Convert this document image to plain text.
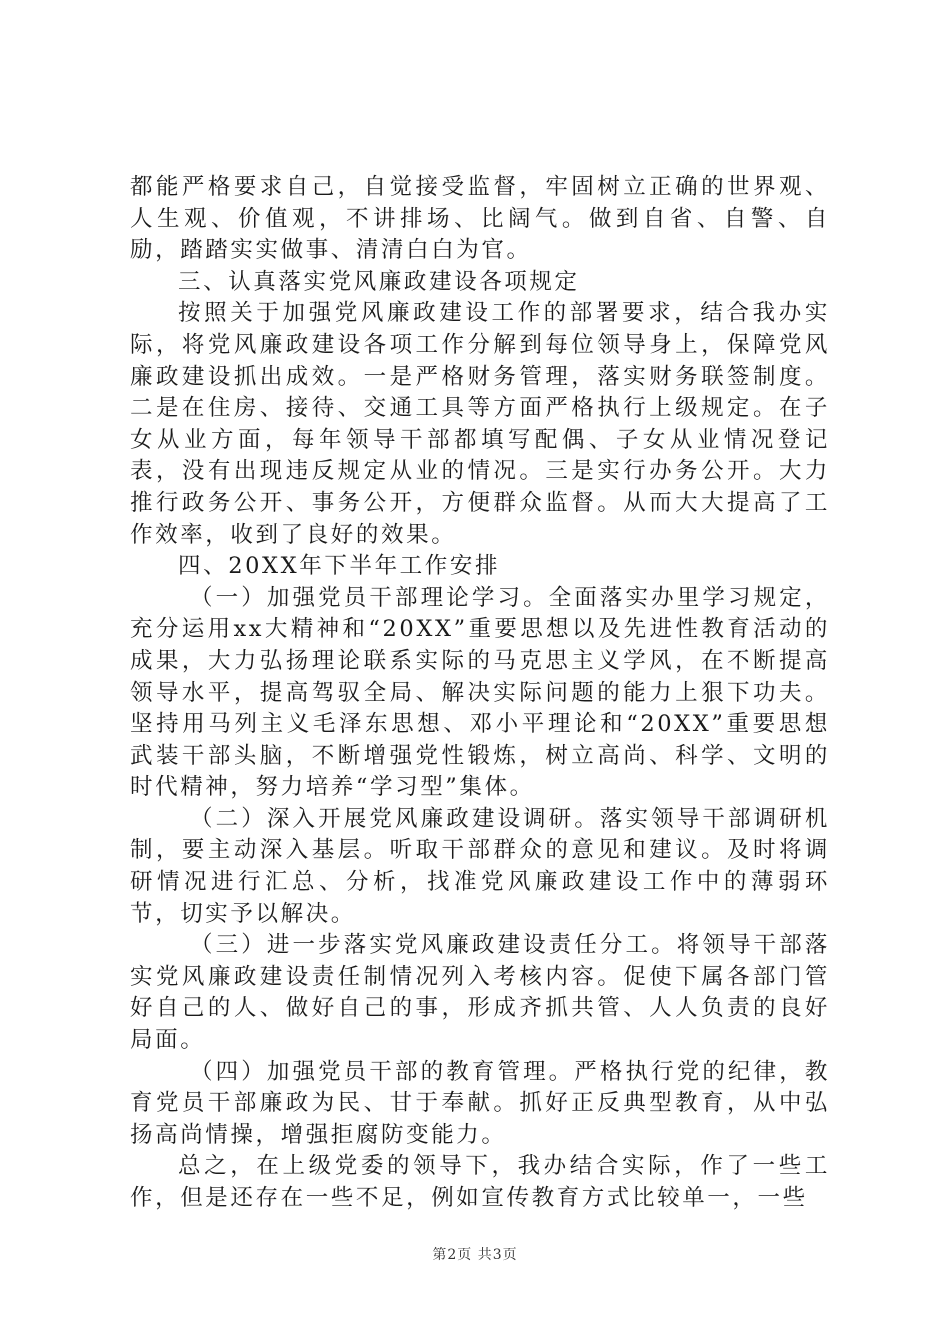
都能严格要求自己，自觉接受监督，牢固树立正确的世界观、人生观、价值观，不讲排场、比阔气。做到自省、自警、自励，踏踏实实做事、清清白白为官。

三、认真落实党风廉政建设各项规定

按照关于加强党风廉政建设工作的部署要求，结合我办实际，将党风廉政建设各项工作分解到每位领导身上，保障党风廉政建设抓出成效。一是严格财务管理，落实财务联签制度。二是在住房、接待、交通工具等方面严格执行上级规定。在子女从业方面，每年领导干部都填写配偶、子女从业情况登记表，没有出现违反规定从业的情况。三是实行办务公开。大力推行政务公开、事务公开，方便群众监督。从而大大提高了工作效率，收到了良好的效果。

四、20XX年下半年工作安排

（一）加强党员干部理论学习。全面落实办里学习规定，充分运用xx大精神和“20XX”重要思想以及先进性教育活动的成果，大力弘扬理论联系实际的马克思主义学风，在不断提高领导水平，提高驾驭全局、解决实际问题的能力上狠下功夫。坚持用马列主义毛泽东思想、邓小平理论和“20XX”重要思想武装干部头脑，不断增强党性锻炼，树立高尚、科学、文明的时代精神，努力培养“学习型”集体。

（二）深入开展党风廉政建设调研。落实领导干部调研机制，要主动深入基层。听取干部群众的意见和建议。及时将调研情况进行汇总、分析，找准党风廉政建设工作中的薄弱环节，切实予以解决。

（三）进一步落实党风廉政建设责任分工。将领导干部落实党风廉政建设责任制情况列入考核内容。促使下属各部门管好自己的人、做好自己的事，形成齐抓共管、人人负责的良好局面。

（四）加强党员干部的教育管理。严格执行党的纪律，教育党员干部廉政为民、甘于奉献。抓好正反典型教育，从中弘扬高尚情操，增强拒腐防变能力。

总之，在上级党委的领导下，我办结合实际，作了一些工作，但是还存在一些不足，例如宣传教育方式比较单一，一些

第2页 共3页
